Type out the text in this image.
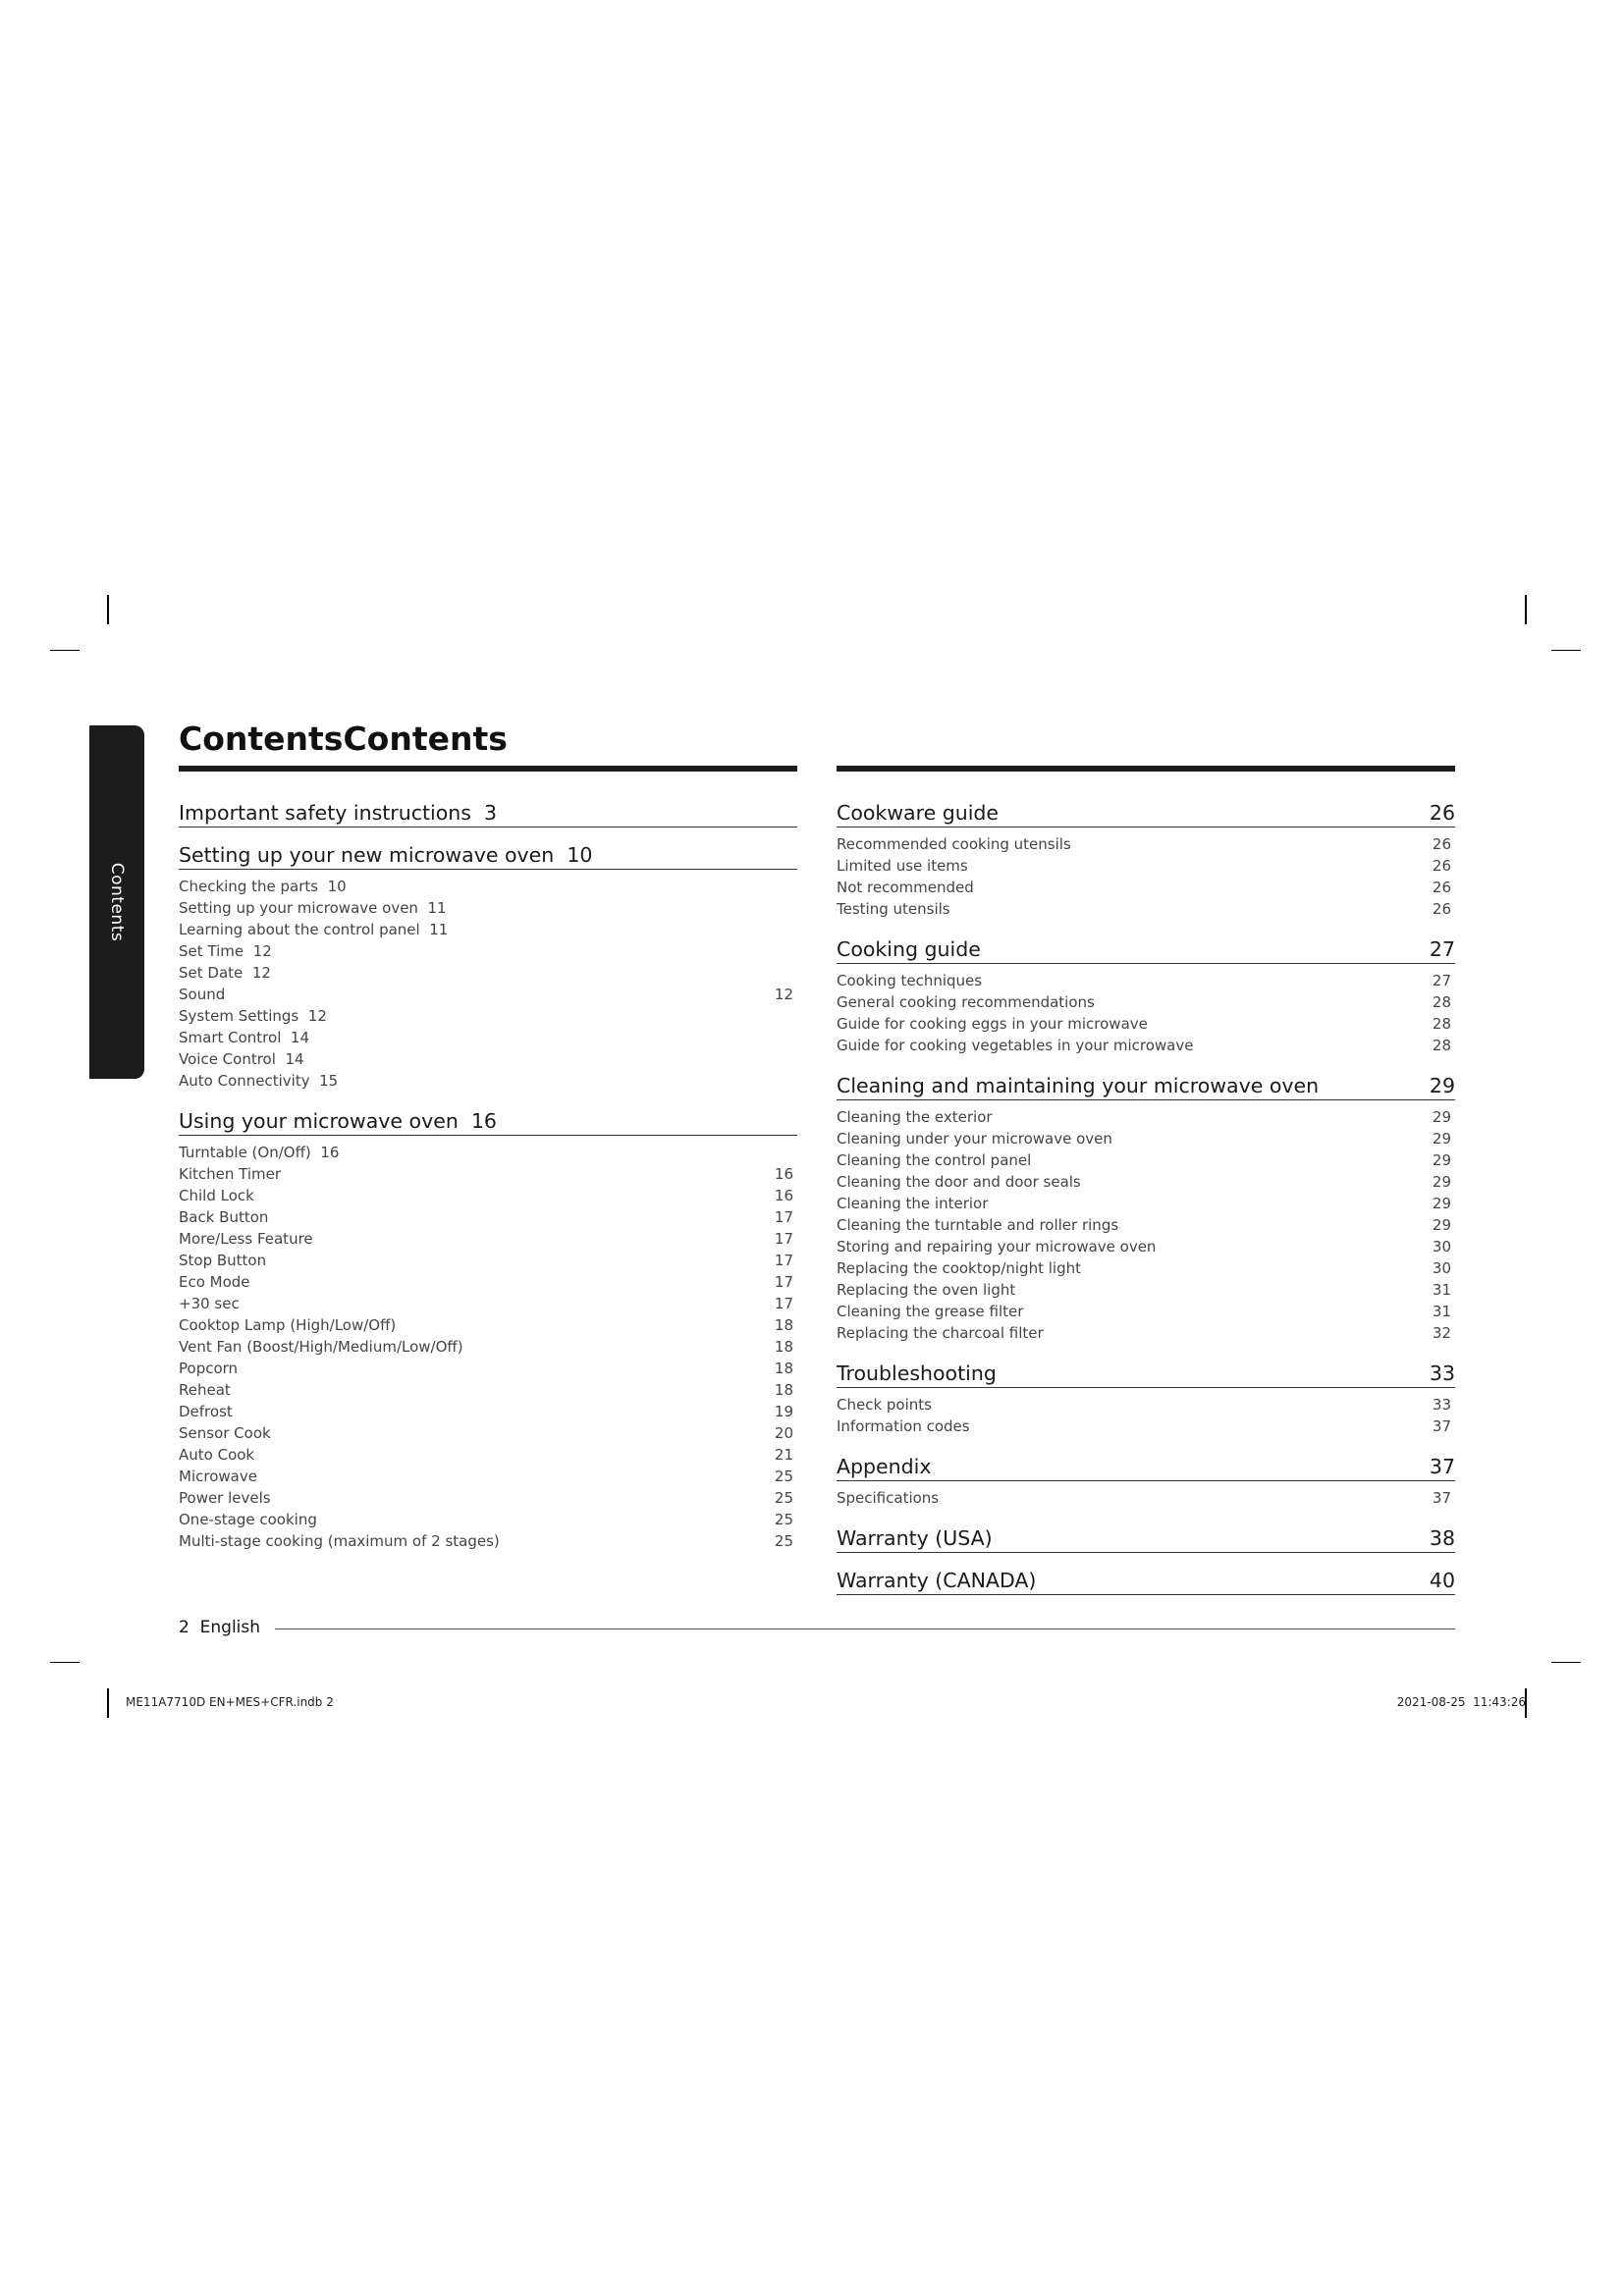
Contents
ContentsContents
Important safety instructions 3
Setting up your new microwave oven 10
Checking the parts 10
Setting up your microwave oven 11
Learning about the control panel 11
Set Time 12
Set Date 12
Sound	12
System Settings 12
Smart Control 14
Voice Control 14
Auto Connectivity 15
Using your microwave oven 16
Turntable (On/Off) 16
Kitchen Timer	16
Child Lock	16
Back Button	17
More/Less Feature	17
Stop Button	17
Eco Mode	17
+30 sec	17
Cooktop Lamp (High/Low/Off)	18
Vent Fan (Boost/High/Medium/Low/Off)	18
Popcorn	18
Reheat	18
Defrost	19
Sensor Cook	20
Auto Cook	21
Microwave	25
Power levels	25
One-stage cooking	25
Multi-stage cooking (maximum of 2 stages)	25
Cookware guide	26
Recommended cooking utensils	26
Limited use items	26
Not recommended	26
Testing utensils	26
Cooking guide	27
Cooking techniques	27
General cooking recommendations	28
Guide for cooking eggs in your microwave	28
Guide for cooking vegetables in your microwave	28
Cleaning and maintaining your microwave oven	29
Cleaning the exterior	29
Cleaning under your microwave oven	29
Cleaning the control panel	29
Cleaning the door and door seals	29
Cleaning the interior	29
Cleaning the turntable and roller rings	29
Storing and repairing your microwave oven	30
Replacing the cooktop/night light	30
Replacing the oven light	31
Cleaning the grease filter	31
Replacing the charcoal filter	32
Troubleshooting	33
Check points	33
Information codes	37
Appendix	37
Specifications	37
Warranty (USA)	38
Warranty (CANADA)	40
2 English
ME11A7710D EN+MES+CFR.indb 2	2021-08-25 ￼￼ 11:43:26
